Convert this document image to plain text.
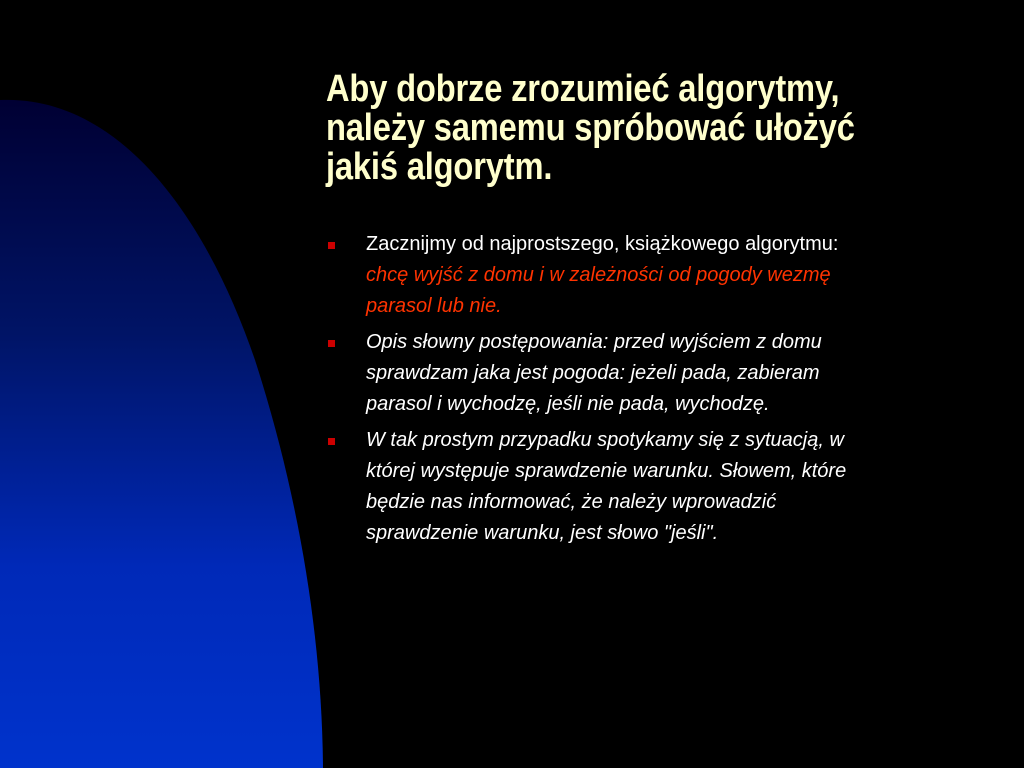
Aby dobrze zrozumieć algorytmy,
należy samemu spróbować ułożyć
jakiś algorytm.
Zacznijmy od najprostszego, książkowego algorytmu:
chcę wyjść z domu i w zależności od pogody wezmę
parasol lub nie.
Opis słowny postępowania: przed wyjściem z domu
sprawdzam jaka jest pogoda: jeżeli pada, zabieram
parasol i wychodzę, jeśli nie pada, wychodzę.
W tak prostym przypadku spotykamy się z sytuacją, w
której występuje sprawdzenie warunku. Słowem, które
będzie nas informować, że należy wprowadzić
sprawdzenie warunku, jest słowo "jeśli".
